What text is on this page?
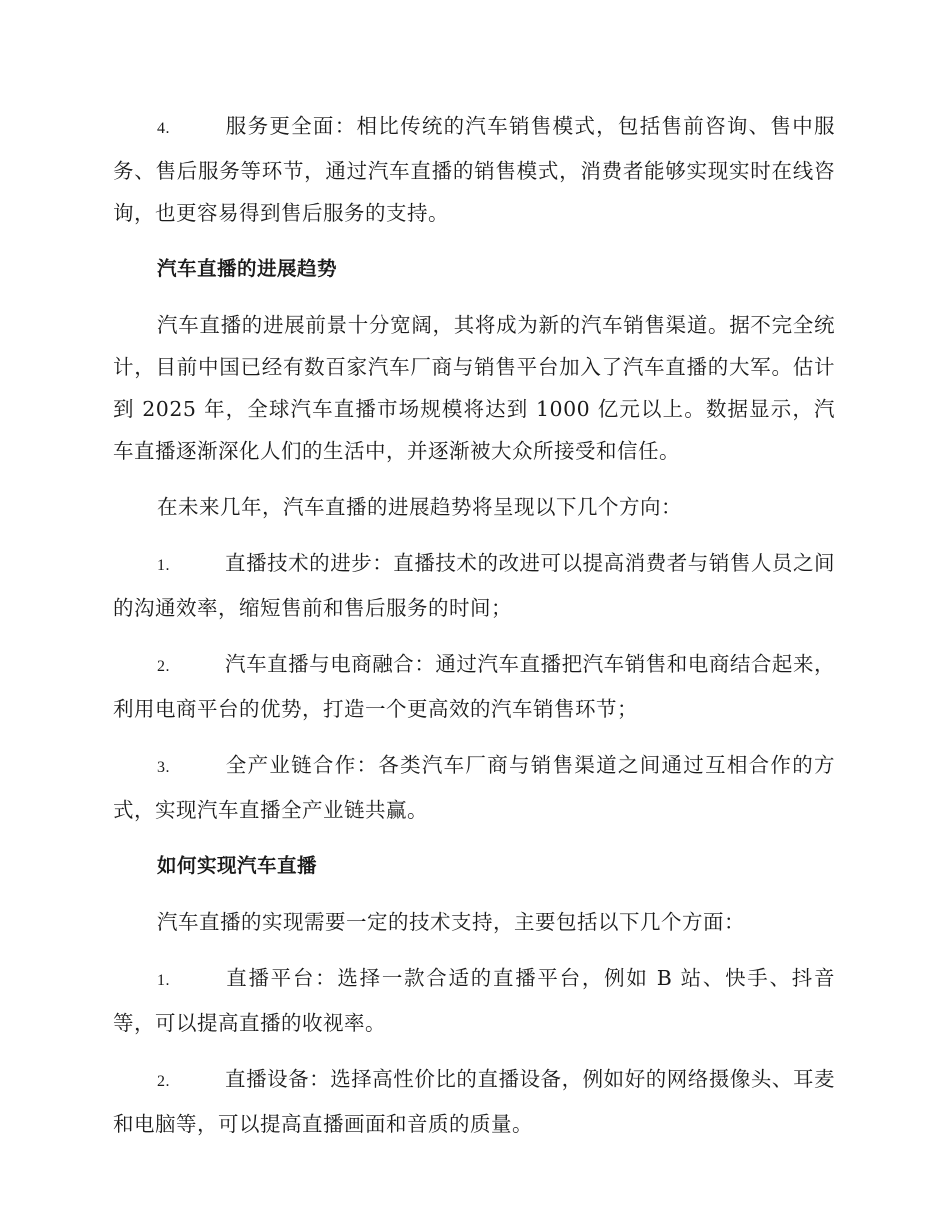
4.	服务更全面：相比传统的汽车销售模式，包括售前咨询、售中服务、售后服务等环节，通过汽车直播的销售模式，消费者能够实现实时在线咨询，也更容易得到售后服务的支持。

汽车直播的进展趋势

汽车直播的进展前景十分宽阔，其将成为新的汽车销售渠道。据不完全统计，目前中国已经有数百家汽车厂商与销售平台加入了汽车直播的大军。估计到 2025 年，全球汽车直播市场规模将达到 1000 亿元以上。数据显示，汽车直播逐渐深化人们的生活中，并逐渐被大众所接受和信任。

在未来几年，汽车直播的进展趋势将呈现以下几个方向：

1.	直播技术的进步：直播技术的改进可以提高消费者与销售人员之间的沟通效率，缩短售前和售后服务的时间；

2.	汽车直播与电商融合：通过汽车直播把汽车销售和电商结合起来，利用电商平台的优势，打造一个更高效的汽车销售环节；

3.	全产业链合作：各类汽车厂商与销售渠道之间通过互相合作的方式，实现汽车直播全产业链共赢。

如何实现汽车直播

汽车直播的实现需要一定的技术支持，主要包括以下几个方面：

1.	直播平台：选择一款合适的直播平台，例如 B 站、快手、抖音等，可以提高直播的收视率。

2.	直播设备：选择高性价比的直播设备，例如好的网络摄像头、耳麦和电脑等，可以提高直播画面和音质的质量。
